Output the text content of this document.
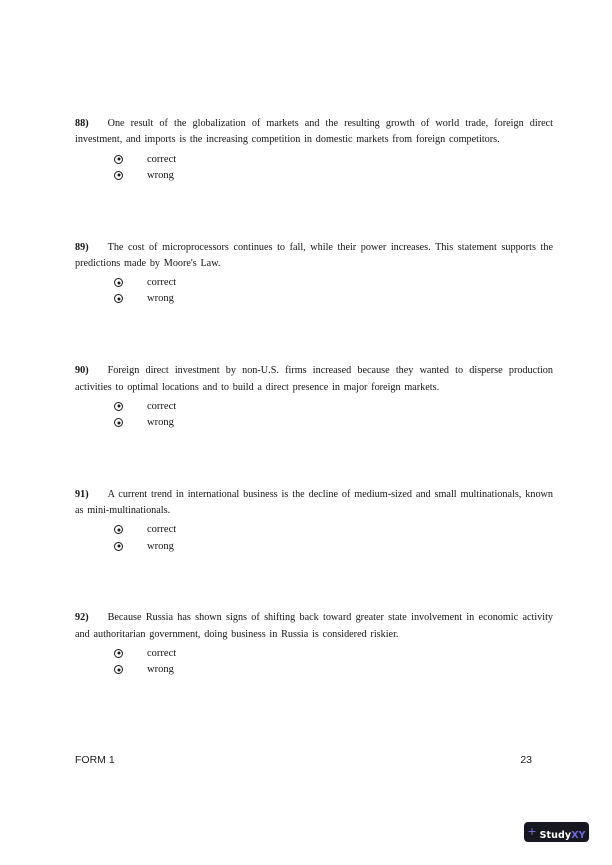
88) One result of the globalization of markets and the resulting growth of world trade, foreign direct investment, and imports is the increasing competition in domestic markets from foreign competitors.

correct
wrong

89) The cost of microprocessors continues to fall, while their power increases. This statement supports the predictions made by Moore's Law.

correct
wrong

90) Foreign direct investment by non-U.S. firms increased because they wanted to disperse production activities to optimal locations and to build a direct presence in major foreign markets.

correct
wrong

91) A current trend in international business is the decline of medium-sized and small multinationals, known as mini-multinationals.

correct
wrong

92) Because Russia has shown signs of shifting back toward greater state involvement in economic activity and authoritarian government, doing business in Russia is considered riskier.

correct
wrong
FORM 1	23
+ StudyXY
